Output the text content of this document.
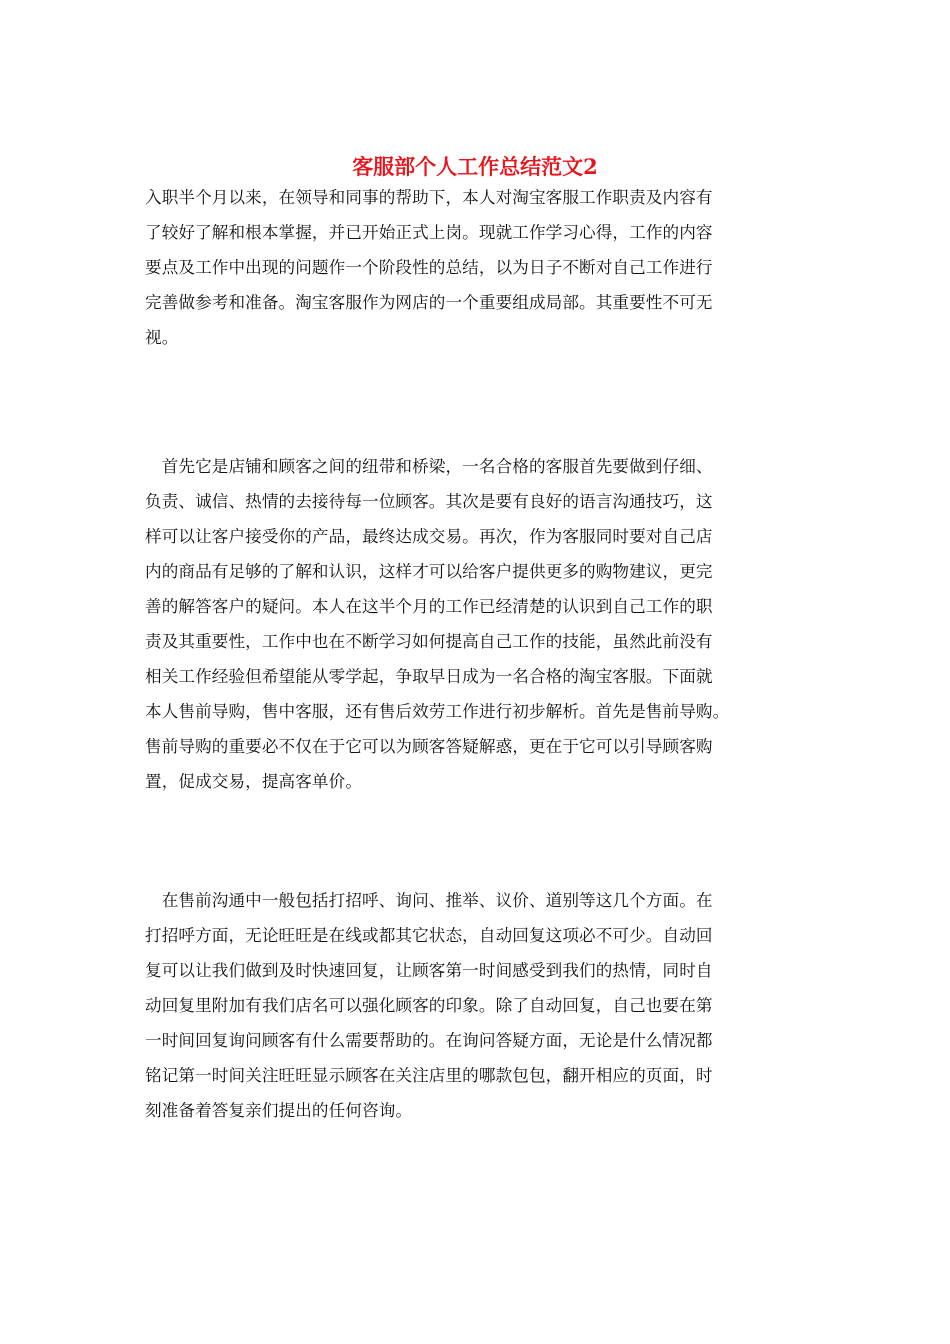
客服部个人工作总结范文2
入职半个月以来，在领导和同事的帮助下，本人对淘宝客服工作职责及内容有
了较好了解和根本掌握，并已开始正式上岗。现就工作学习心得，工作的内容
要点及工作中出现的问题作一个阶段性的总结，以为日子不断对自己工作进行
完善做参考和准备。淘宝客服作为网店的一个重要组成局部。其重要性不可无
视。
　首先它是店铺和顾客之间的纽带和桥梁，一名合格的客服首先要做到仔细、
负责、诚信、热情的去接待每一位顾客。其次是要有良好的语言沟通技巧，这
样可以让客户接受你的产品，最终达成交易。再次，作为客服同时要对自己店
内的商品有足够的了解和认识，这样才可以给客户提供更多的购物建议，更完
善的解答客户的疑问。本人在这半个月的工作已经清楚的认识到自己工作的职
责及其重要性，工作中也在不断学习如何提高自己工作的技能，虽然此前没有
相关工作经验但希望能从零学起，争取早日成为一名合格的淘宝客服。下面就
本人售前导购，售中客服，还有售后效劳工作进行初步解析。首先是售前导购。
售前导购的重要必不仅在于它可以为顾客答疑解惑，更在于它可以引导顾客购
置，促成交易，提高客单价。
　在售前沟通中一般包括打招呼、询问、推举、议价、道别等这几个方面。在
打招呼方面，无论旺旺是在线或都其它状态，自动回复这项必不可少。自动回
复可以让我们做到及时快速回复，让顾客第一时间感受到我们的热情，同时自
动回复里附加有我们店名可以强化顾客的印象。除了自动回复，自己也要在第
一时间回复询问顾客有什么需要帮助的。在询问答疑方面，无论是什么情况都
铭记第一时间关注旺旺显示顾客在关注店里的哪款包包，翻开相应的页面，时
刻准备着答复亲们提出的任何咨询。
